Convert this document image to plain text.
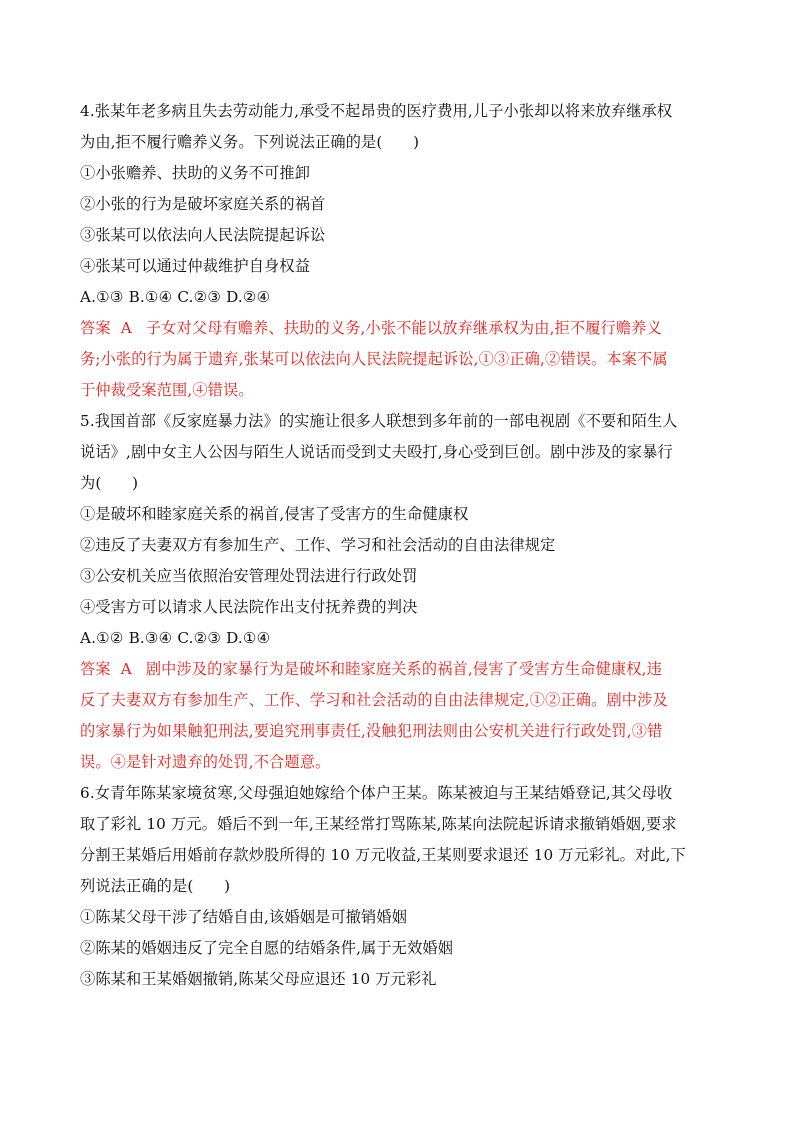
4.张某年老多病且失去劳动能力,承受不起昂贵的医疗费用,儿子小张却以将来放弃继承权
为由,拒不履行赡养义务。下列说法正确的是(　　)
①小张赡养、扶助的义务不可推卸
②小张的行为是破坏家庭关系的祸首
③张某可以依法向人民法院提起诉讼
④张某可以通过仲裁维护自身权益
A.①③ B.①④ C.②③ D.②④
答案 A 子女对父母有赡养、扶助的义务,小张不能以放弃继承权为由,拒不履行赡养义
务;小张的行为属于遗弃,张某可以依法向人民法院提起诉讼,①③正确,②错误。本案不属
于仲裁受案范围,④错误。
5.我国首部《反家庭暴力法》的实施让很多人联想到多年前的一部电视剧《不要和陌生人
说话》,剧中女主人公因与陌生人说话而受到丈夫殴打,身心受到巨创。剧中涉及的家暴行
为(　　)
①是破坏和睦家庭关系的祸首,侵害了受害方的生命健康权
②违反了夫妻双方有参加生产、工作、学习和社会活动的自由法律规定
③公安机关应当依照治安管理处罚法进行行政处罚
④受害方可以请求人民法院作出支付抚养费的判决
A.①② B.③④ C.②③ D.①④
答案 A 剧中涉及的家暴行为是破坏和睦家庭关系的祸首,侵害了受害方生命健康权,违
反了夫妻双方有参加生产、工作、学习和社会活动的自由法律规定,①②正确。剧中涉及
的家暴行为如果触犯刑法,要追究刑事责任,没触犯刑法则由公安机关进行行政处罚,③错
误。④是针对遗弃的处罚,不合题意。
6.女青年陈某家境贫寒,父母强迫她嫁给个体户王某。陈某被迫与王某结婚登记,其父母收
取了彩礼 10 万元。婚后不到一年,王某经常打骂陈某,陈某向法院起诉请求撤销婚姻,要求
分割王某婚后用婚前存款炒股所得的 10 万元收益,王某则要求退还 10 万元彩礼。对此,下
列说法正确的是(　　)
①陈某父母干涉了结婚自由,该婚姻是可撤销婚姻
②陈某的婚姻违反了完全自愿的结婚条件,属于无效婚姻
③陈某和王某婚姻撤销,陈某父母应退还 10 万元彩礼
